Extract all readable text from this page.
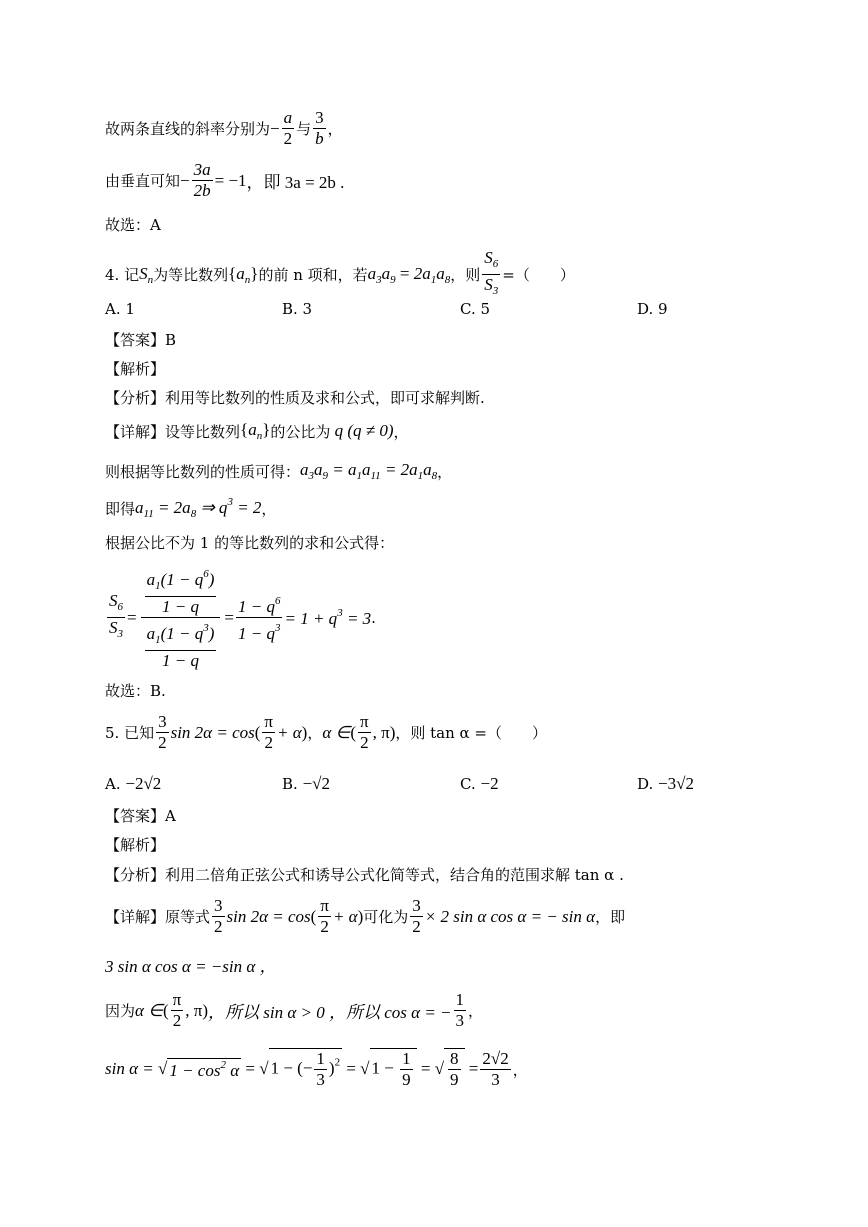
故两条直线的斜率分别为 − $\frac{a}{2}$ 与 $\frac{3}{b}$ ，
由垂直可知 − $\frac{3a}{2b} = -1$ ，即 3a = 2b .
故选：A
4. 记 $S_n$ 为等比数列 $\{a_n\}$ 的前 n 项和，若 $a_3a_9 = 2a_1a_8$ ，则 $\frac{S_6}{S_3}$ =（　　）
A. 1	B. 3	C. 5	D. 9
【答案】B
【解析】
【分析】利用等比数列的性质及求和公式，即可求解判断.
【详解】设等比数列 $\{a_n\}$ 的公比为 q (q ≠ 0) ，
则根据等比数列的性质可得： $a_3a_9 = a_1a_{11} = 2a_1a_8$ ，
即得 $a_{11} = 2a_8$ ⇒ $q^3 = 2$ ，
根据公比不为 1 的等比数列的求和公式得：
$\frac{S_6}{S_3} = \frac{\frac{a_1(1 - q^6)}{1 - q}}{\frac{a_1(1 - q^3)}{1 - q}} = \frac{1 - q^6}{1 - q^3} = 1 + q^3 = 3$ .
故选：B.
5. 已知 $\frac{3}{2}$ sin 2α = cos ( $\frac{\pi}{2} + \alpha$ ) ， α ∈ ( $\frac{\pi}{2}$ , π) ，则 tan α =（　　）
A. −2√2	B. −√2	C. −2	D. −3√2
【答案】A
【解析】
【分析】利用二倍角正弦公式和诱导公式化简等式，结合角的范围求解 tan α .
【详解】原等式 $\frac{3}{2}$ sin 2α = cos ( $\frac{\pi}{2} + \alpha$ ) 可化为 $\frac{3}{2} \times 2$ sin α cos α = − sin α ，即
3 sin α cos α = −sin α ，
因为 α ∈ ( $\frac{\pi}{2}$ , π) ，所以 sin α > 0 ，所以 cos α = − $\frac{1}{3}$ ，
sin α = √ $1 - \cos^2 \alpha$ = √ 1 − (− $\frac{1}{3} )^2$ = √ $1 - \frac{1}{9}$ = √ $\frac{8}{9} = \frac{2√2}{3}$ ，
